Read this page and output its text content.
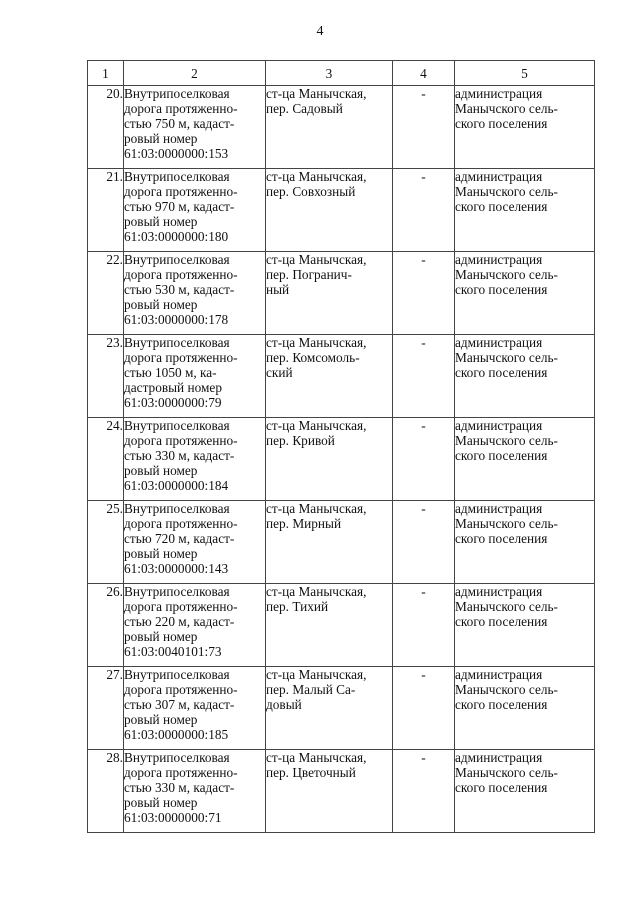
4
1	2	3	4	5
20.	Внутрипоселковая
дорога протяженно-
стью 750 м, кадаст-
ровый номер
61:03:0000000:153	ст-ца Манычская,
пер. Садовый	-	администрация
Манычского сель-
ского поселения

21.	Внутрипоселковая
дорога протяженно-
стью 970 м, кадаст-
ровый номер
61:03:0000000:180	ст-ца Манычская,
пер. Совхозный	-	администрация
Манычского сель-
ского поселения

22.	Внутрипоселковая
дорога протяженно-
стью 530 м, кадаст-
ровый номер
61:03:0000000:178	ст-ца Манычская,
пер. Погранич-
ный	-	администрация
Манычского сель-
ского поселения

23.	Внутрипоселковая
дорога протяженно-
стью 1050 м, ка-
дастровый номер
61:03:0000000:79	ст-ца Манычская,
пер. Комсомоль-
ский	-	администрация
Манычского сель-
ского поселения

24.	Внутрипоселковая
дорога протяженно-
стью 330 м, кадаст-
ровый номер
61:03:0000000:184	ст-ца Манычская,
пер. Кривой	-	администрация
Манычского сель-
ского поселения

25.	Внутрипоселковая
дорога протяженно-
стью 720 м, кадаст-
ровый номер
61:03:0000000:143	ст-ца Манычская,
пер. Мирный	-	администрация
Манычского сель-
ского поселения

26.	Внутрипоселковая
дорога протяженно-
стью 220 м, кадаст-
ровый номер
61:03:0040101:73	ст-ца Манычская,
пер. Тихий	-	администрация
Манычского сель-
ского поселения

27.	Внутрипоселковая
дорога протяженно-
стью 307 м, кадаст-
ровый номер
61:03:0000000:185	ст-ца Манычская,
пер. Малый Са-
довый	-	администрация
Манычского сель-
ского поселения

28.	Внутрипоселковая
дорога протяженно-
стью 330 м, кадаст-
ровый номер
61:03:0000000:71	ст-ца Манычская,
пер. Цветочный	-	администрация
Манычского сель-
ского поселения
